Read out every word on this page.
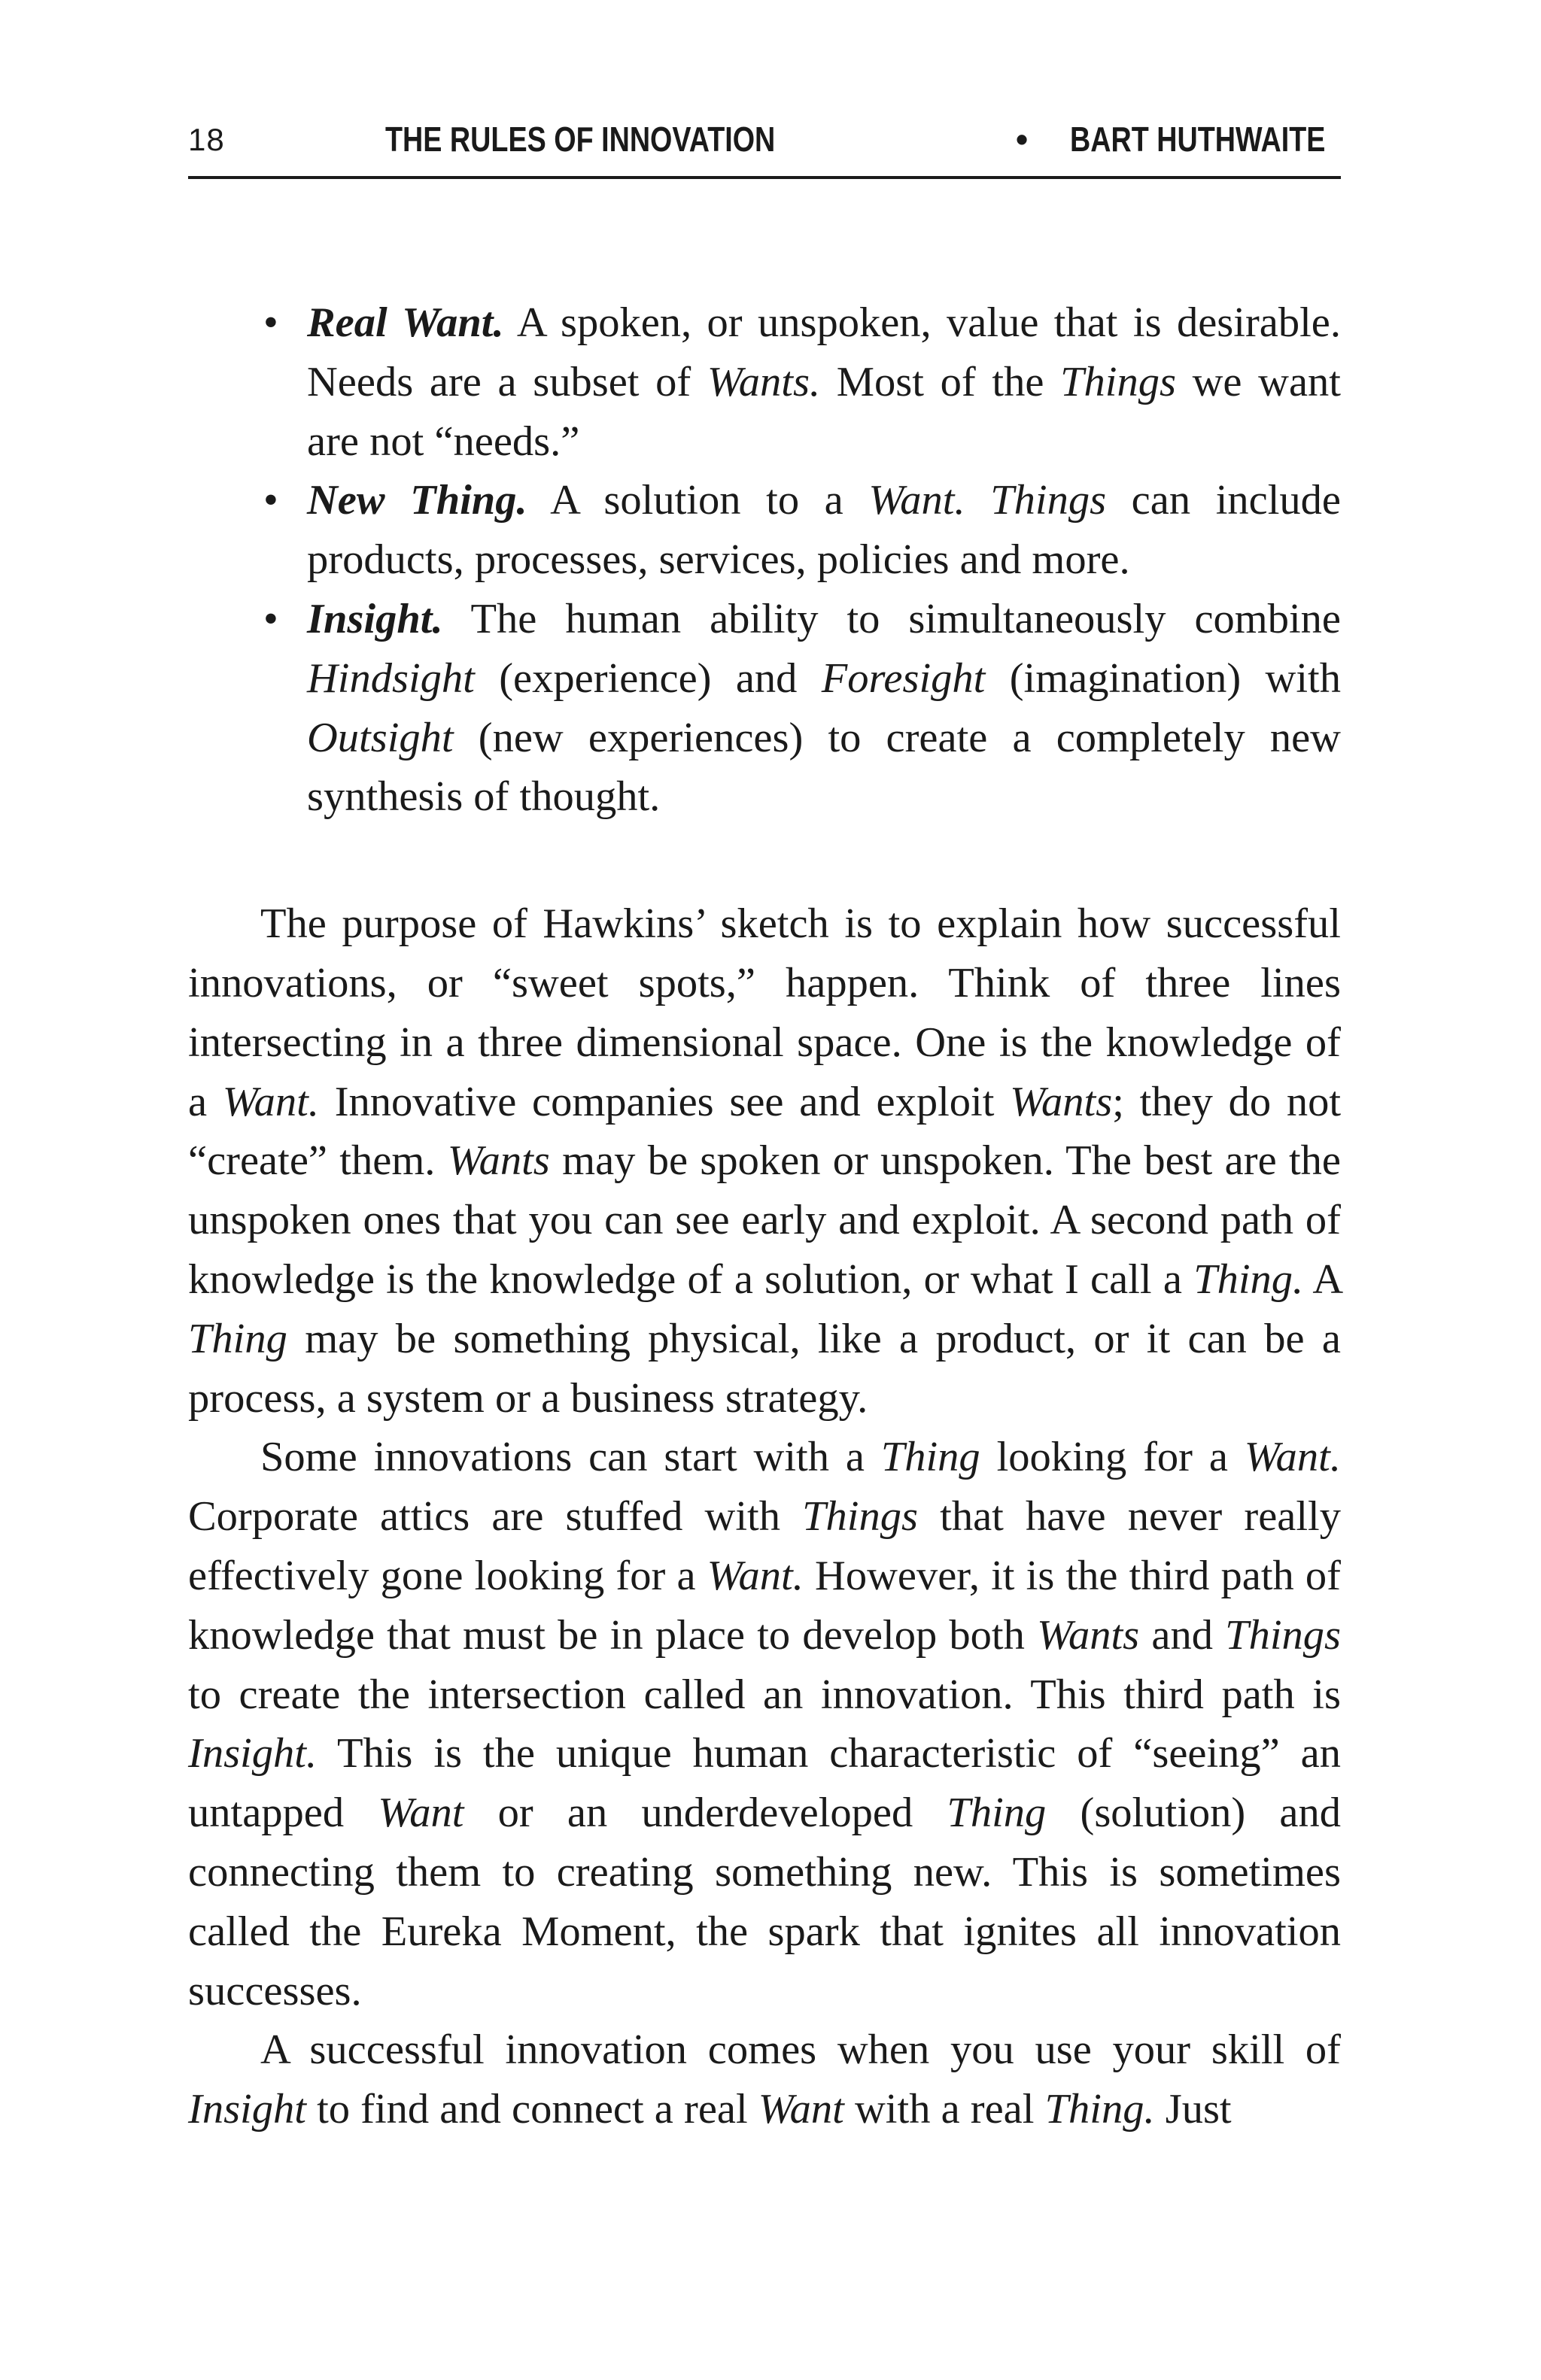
18	THE RULES OF INNOVATION	• BART HUTHWAITE
• Real Want. A spoken, or unspoken, value that is desirable. Needs are a subset of Wants. Most of the Things we want are not “needs.”
• New Thing. A solution to a Want. Things can include products, processes, services, policies and more.
• Insight. The human ability to simultaneously combine Hindsight (experience) and Foresight (imagination) with Outsight (new experiences) to create a completely new synthesis of thought.

The purpose of Hawkins’ sketch is to explain how successful innovations, or “sweet spots,” happen. Think of three lines intersecting in a three dimensional space. One is the knowledge of a Want. Innovative companies see and exploit Wants; they do not “create” them. Wants may be spoken or unspoken. The best are the unspoken ones that you can see early and exploit. A second path of knowledge is the knowledge of a solution, or what I call a Thing. A Thing may be something physical, like a product, or it can be a process, a system or a business strategy.

Some innovations can start with a Thing looking for a Want. Corporate attics are stuffed with Things that have never really effectively gone looking for a Want. However, it is the third path of knowledge that must be in place to develop both Wants and Things to create the intersection called an innovation. This third path is Insight. This is the unique human characteristic of “seeing” an untapped Want or an underdeveloped Thing (solution) and connecting them to creating something new. This is sometimes called the Eureka Moment, the spark that ignites all innovation successes.

A successful innovation comes when you use your skill of Insight to find and connect a real Want with a real Thing. Just
